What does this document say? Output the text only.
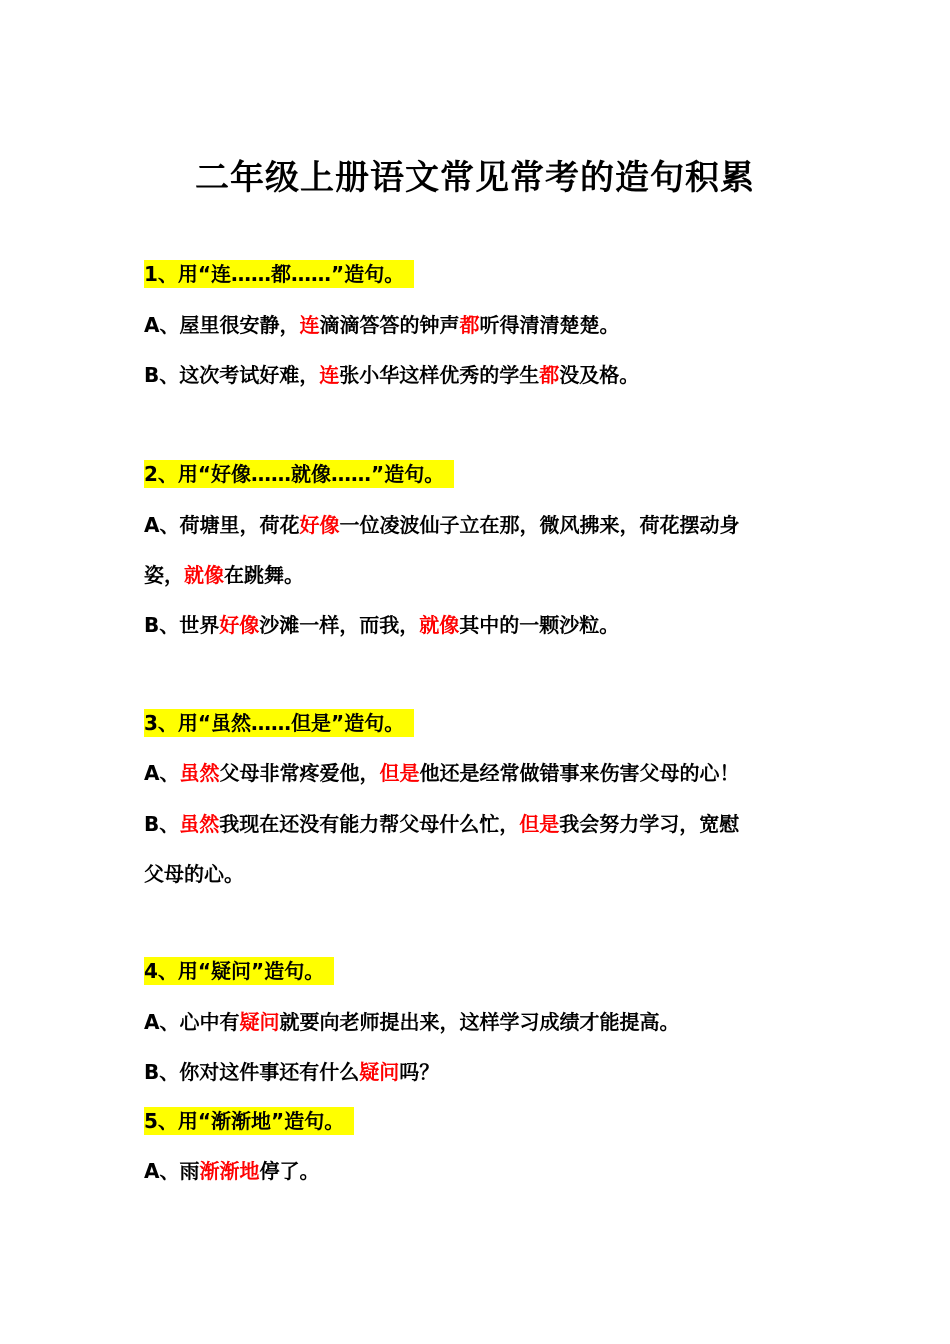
二年级上册语文常见常考的造句积累
1、用“连……都……”造句。
A、屋里很安静，连滴滴答答的钟声都听得清清楚楚。
B、这次考试好难，连张小华这样优秀的学生都没及格。
2、用“好像……就像……”造句。
A、荷塘里，荷花好像一位凌波仙子立在那，微风拂来，荷花摆动身
姿，就像在跳舞。
B、世界好像沙滩一样，而我，就像其中的一颗沙粒。
3、用“虽然……但是”造句。
A、虽然父母非常疼爱他，但是他还是经常做错事来伤害父母的心！
B、虽然我现在还没有能力帮父母什么忙，但是我会努力学习，宽慰
父母的心。
4、用“疑问”造句。
A、心中有疑问就要向老师提出来，这样学习成绩才能提高。
B、你对这件事还有什么疑问吗？
5、用“渐渐地”造句。
A、雨渐渐地停了。
